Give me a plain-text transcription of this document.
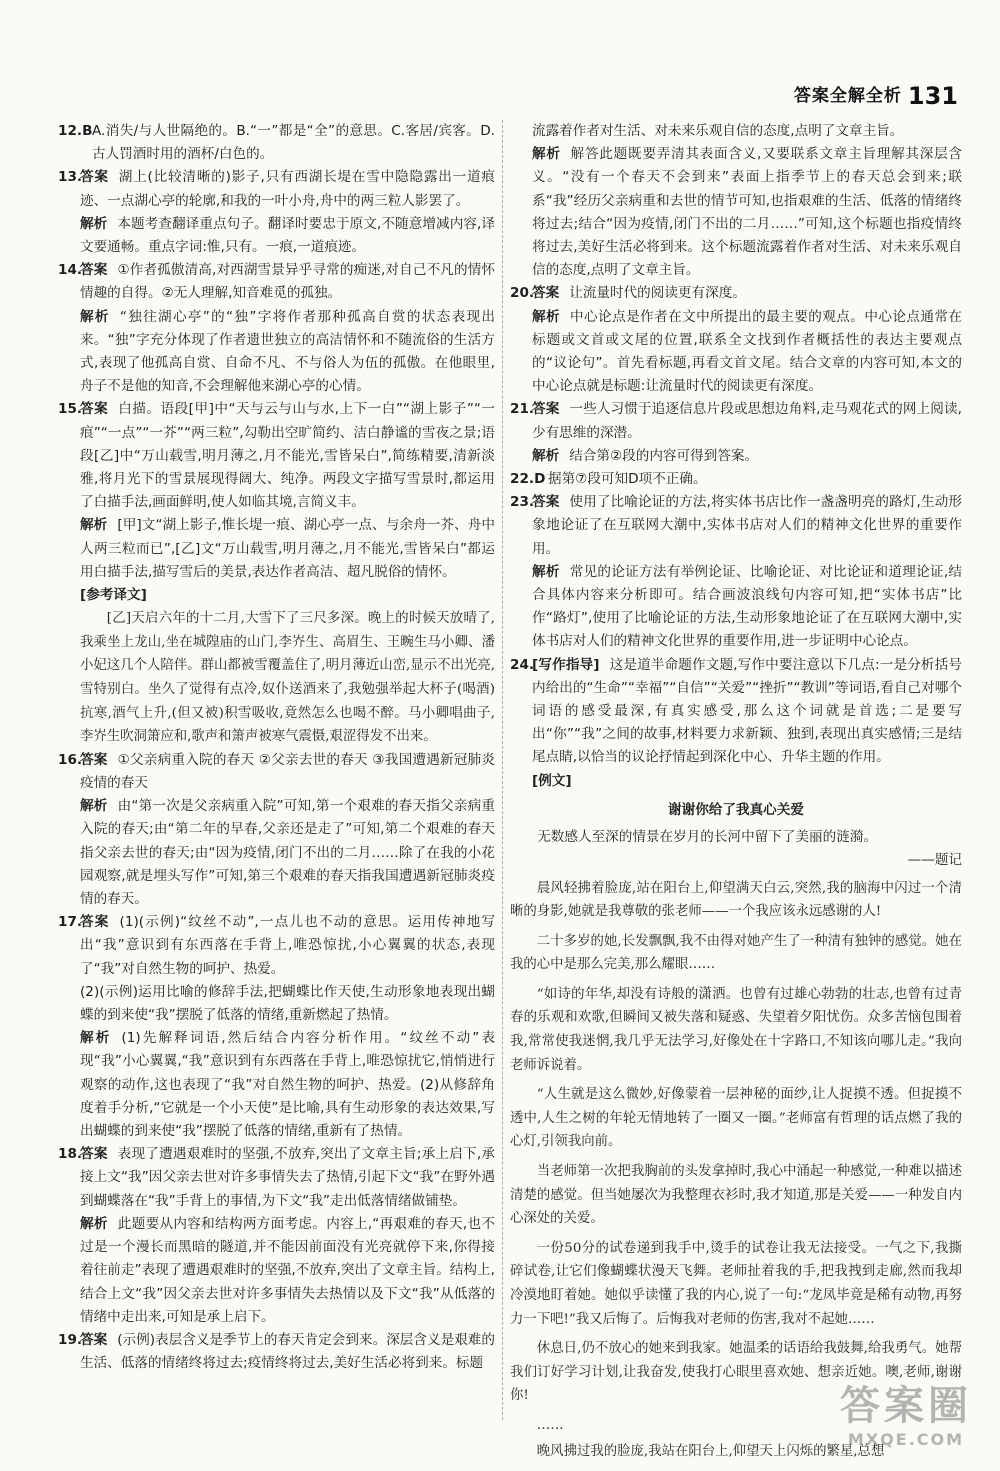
答案全解全析 131
12.B A.消失/与人世隔绝的。B.“一”都是“全”的意思。C.客居/宾客。D.古人罚酒时用的酒杯/白色的。
13.
答案 湖上(比较清晰的)影子,只有西湖长堤在雪中隐隐露出一道痕迹、一点湖心亭的轮廓,和我的一叶小舟,舟中的两三粒人影罢了。
解析 本题考查翻译重点句子。翻译时要忠于原文,不随意增减内容,译文要通畅。重点字词:惟,只有。一痕,一道痕迹。
14.
答案 ①作者孤傲清高,对西湖雪景异乎寻常的痴迷,对自己不凡的情怀情趣的自得。②无人理解,知音难觅的孤独。
解析 “独往湖心亭”的“独”字将作者那种孤高自赏的状态表现出来。“独”字充分体现了作者遗世独立的高洁情怀和不随流俗的生活方式,表现了他孤高自赏、自命不凡、不与俗人为伍的孤傲。在他眼里,舟子不是他的知音,不会理解他来湖心亭的心情。
15.
答案 白描。语段[甲]中“天与云与山与水,上下一白”“湖上影子”“一痕”“一点”“一芥”“两三粒”,勾勒出空旷简约、洁白静谧的雪夜之景;语段[乙]中“万山载雪,明月薄之,月不能光,雪皆呆白”,简练精要,清新淡雅,将月光下的雪景展现得阔大、纯净。两段文字描写雪景时,都运用了白描手法,画面鲜明,使人如临其境,言简义丰。
解析 [甲]文“湖上影子,惟长堤一痕、湖心亭一点、与余舟一芥、舟中人两三粒而已”,[乙]文“万山载雪,明月薄之,月不能光,雪皆呆白”都运用白描手法,描写雪后的美景,表达作者高洁、超凡脱俗的情怀。
[参考译文]
[乙]天启六年的十二月,大雪下了三尺多深。晚上的时候天放晴了,我乘坐上龙山,坐在城隍庙的山门,李岕生、高眉生、王畹生马小卿、潘小妃这几个人陪伴。群山都被雪覆盖住了,明月薄近山峦,显示不出光亮,雪特别白。坐久了觉得有点冷,奴仆送酒来了,我勉强举起大杯子(喝酒)抗寒,酒气上升,(但又被)积雪吸收,竟然怎么也喝不醉。马小卿唱曲子,李岕生吹洞箫应和,歌声和箫声被寒气震慑,艰涩得发不出来。
16.
答案 ①父亲病重入院的春天 ②父亲去世的春天 ③我国遭遇新冠肺炎疫情的春天
解析 由“第一次是父亲病重入院”可知,第一个艰难的春天指父亲病重入院的春天;由“第二年的早春,父亲还是走了”可知,第二个艰难的春天指父亲去世的春天;由“因为疫情,闭门不出的二月……除了在我的小花园观察,就是埋头写作”可知,第三个艰难的春天指我国遭遇新冠肺炎疫情的春天。
17.
答案 (1)(示例)“纹丝不动”,一点儿也不动的意思。运用传神地写出“我”意识到有东西落在手背上,唯恐惊扰,小心翼翼的状态,表现了“我”对自然生物的呵护、热爱。
(2)(示例)运用比喻的修辞手法,把蝴蝶比作天使,生动形象地表现出蝴蝶的到来使“我”摆脱了低落的情绪,重新燃起了热情。
解析 (1)先解释词语,然后结合内容分析作用。“纹丝不动”表现“我”小心翼翼,“我”意识到有东西落在手背上,唯恐惊扰它,悄悄进行观察的动作,这也表现了“我”对自然生物的呵护、热爱。(2)从修辞角度着手分析,“它就是一个小天使”是比喻,具有生动形象的表达效果,写出蝴蝶的到来使“我”摆脱了低落的情绪,重新有了热情。
18.
答案 表现了遭遇艰难时的坚强,不放弃,突出了文章主旨;承上启下,承接上文“我”因父亲去世对许多事情失去了热情,引起下文“我”在野外遇到蝴蝶落在“我”手背上的事情,为下文“我”走出低落情绪做铺垫。
解析 此题要从内容和结构两方面考虑。内容上,“再艰难的春天,也不过是一个漫长而黑暗的隧道,并不能因前面没有光亮就停下来,你得接着往前走”表现了遭遇艰难时的坚强,不放弃,突出了文章主旨。结构上,结合上文“我”因父亲去世对许多事情失去热情以及下文“我”从低落的情绪中走出来,可知是承上启下。
19.
答案 (示例)表层含义是季节上的春天肯定会到来。深层含义是艰难的生活、低落的情绪终将过去;疫情终将过去,美好生活必将到来。标题
流露着作者对生活、对未来乐观自信的态度,点明了文章主旨。
解析 解答此题既要弄清其表面含义,又要联系文章主旨理解其深层含义。“没有一个春天不会到来”表面上指季节上的春天总会到来;联系“我”经历父亲病重和去世的情节可知,也指艰难的生活、低落的情绪终将过去;结合“因为疫情,闭门不出的二月……”可知,这个标题也指疫情终将过去,美好生活必将到来。这个标题流露着作者对生活、对未来乐观自信的态度,点明了文章主旨。
20.
答案 让流量时代的阅读更有深度。
解析 中心论点是作者在文中所提出的最主要的观点。中心论点通常在标题或文首或文尾的位置,联系全文找到作者概括性的表达主要观点的“议论句”。首先看标题,再看文首文尾。结合文章的内容可知,本文的中心论点就是标题:让流量时代的阅读更有深度。
21.
答案 一些人习惯于追逐信息片段或思想边角料,走马观花式的网上阅读,少有思维的深潜。
解析 结合第②段的内容可得到答案。
22.D 据第⑦段可知D项不正确。
23.
答案 使用了比喻论证的方法,将实体书店比作一盏盏明亮的路灯,生动形象地论证了在互联网大潮中,实体书店对人们的精神文化世界的重要作用。
解析 常见的论证方法有举例论证、比喻论证、对比论证和道理论证,结合具体内容来分析即可。结合画波浪线句内容可知,把“实体书店”比作“路灯”,使用了比喻论证的方法,生动形象地论证了在互联网大潮中,实体书店对人们的精神文化世界的重要作用,进一步证明中心论点。
24.
[写作指导] 这是道半命题作文题,写作中要注意以下几点:一是分析括号内给出的“生命”“幸福”“自信”“关爱”“挫折”“教训”等词语,看自己对哪个词语的感受最深,有真实感受,那么这个词就是首选;二是要写出“你”“我”之间的故事,材料要力求新颖、独到,表现出真实感情;三是结尾点睛,以恰当的议论抒情起到深化中心、升华主题的作用。
[例文]
谢谢你给了我真心关爱
无数感人至深的情景在岁月的长河中留下了美丽的涟漪。
——题记
晨风轻拂着脸庞,站在阳台上,仰望满天白云,突然,我的脑海中闪过一个清晰的身影,她就是我尊敬的张老师——一个我应该永远感谢的人!
二十多岁的她,长发飘飘,我不由得对她产生了一种清有独钟的感觉。她在我的心中是那么完美,那么耀眼……
“如诗的年华,却没有诗般的潇洒。也曾有过雄心勃勃的壮志,也曾有过青春的乐观和欢歌,但瞬间又被失落和疑惑、失望着夕阳忧伤。众多苦恼包围着我,常常使我迷惘,我几乎无法学习,好像处在十字路口,不知该向哪儿走。”我向老师诉说着。
“人生就是这么微妙,好像蒙着一层神秘的面纱,让人捉摸不透。但捉摸不透中,人生之树的年轮无情地转了一圈又一圈。”老师富有哲理的话点燃了我的心灯,引领我向前。
当老师第一次把我胸前的头发拿掉时,我心中涌起一种感觉,一种难以描述清楚的感觉。但当她屡次为我整理衣衫时,我才知道,那是关爱——一种发自内心深处的关爱。
一份50分的试卷递到我手中,烫手的试卷让我无法接受。一气之下,我撕碎试卷,让它们像蝴蝶状漫天飞舞。老师扯着我的手,把我拽到走廊,然而我却冷漠地盯着她。她似乎读懂了我的内心,说了一句:“龙凤毕竟是稀有动物,再努力一下吧!”我又后悔了。后悔我对老师的伤害,我对不起她……
休息日,仍不放心的她来到我家。她温柔的话语给我鼓舞,给我勇气。她帮我们订好学习计划,让我奋发,使我打心眼里喜欢她、想亲近她。噢,老师,谢谢你!
……
晚风拂过我的脸庞,我站在阳台上,仰望天上闪烁的繁星,总想
答案圈
MXQE.COM
